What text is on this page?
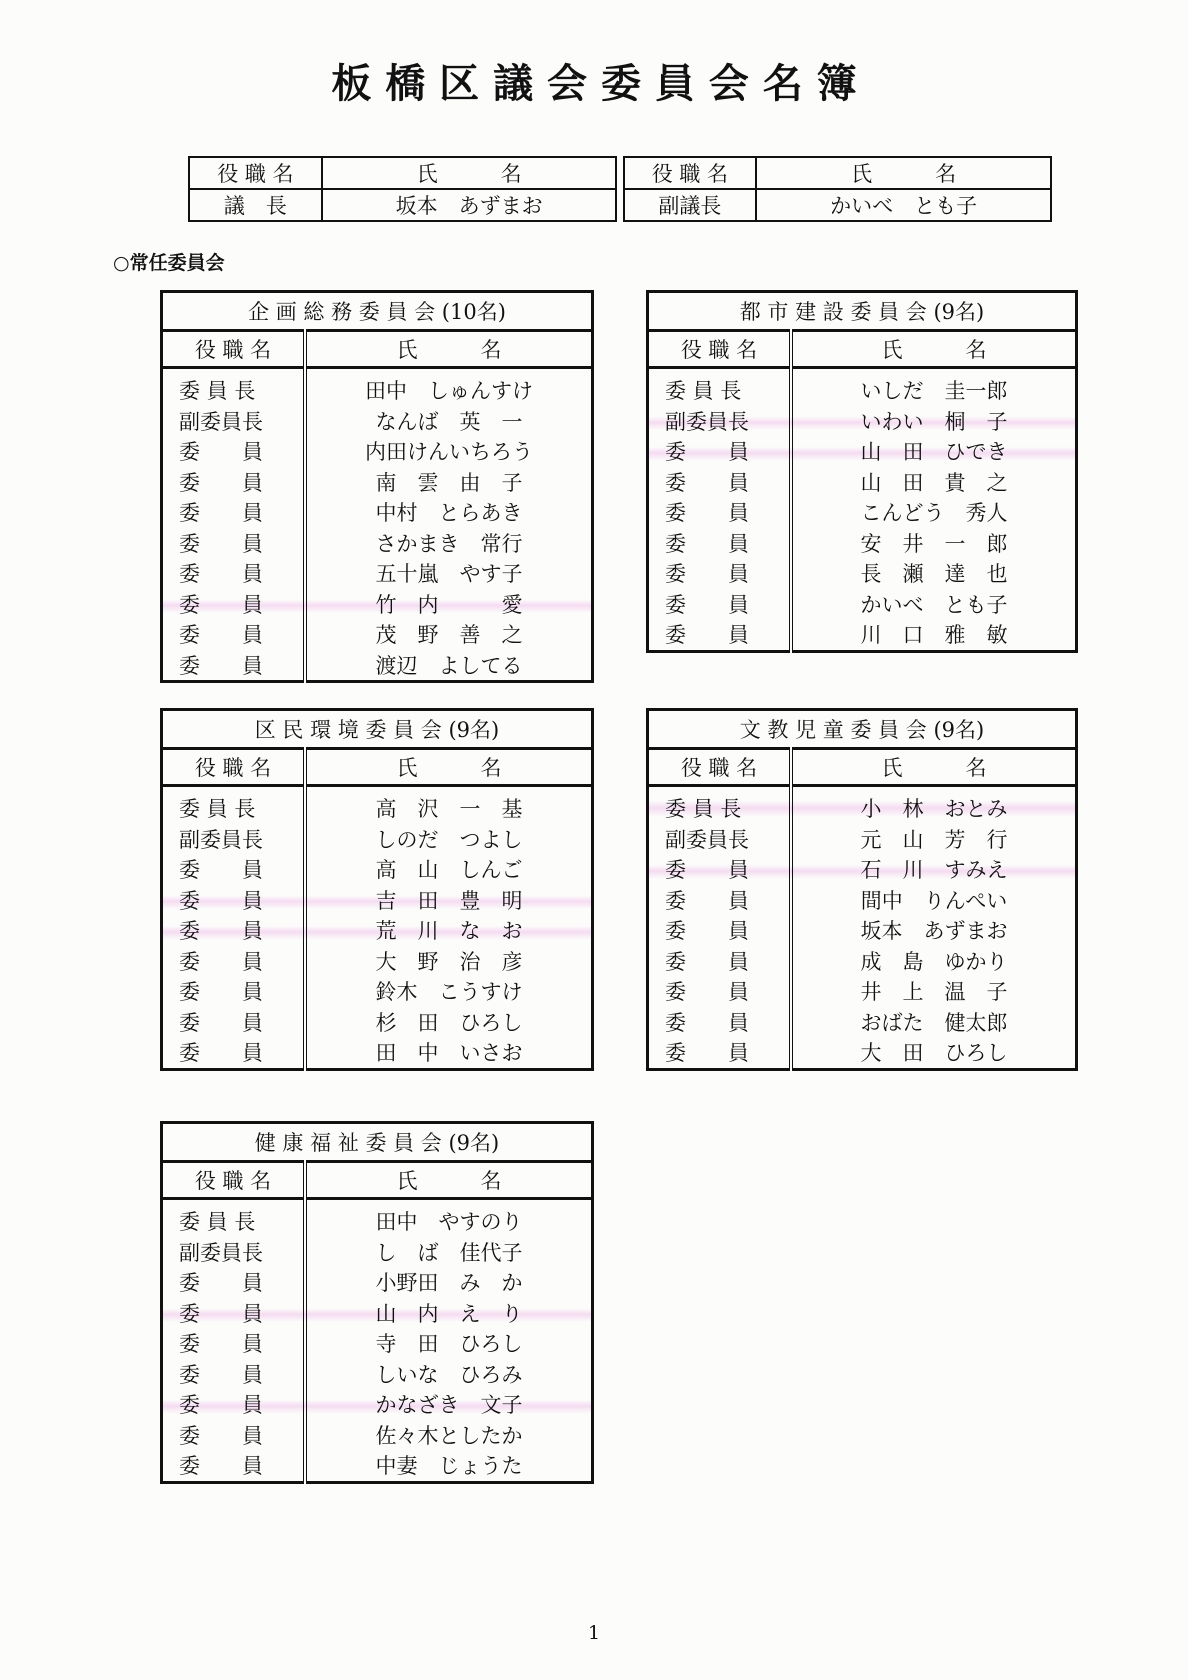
板 橋 区 議 会 委 員 会 名 簿
役 職 名	氏　　　名		役 職 名	氏　　　名
議　長	坂本　あずまお		副議長	かいべ　とも子
○常任委員会
企 画 総 務 委 員 会 (10名)	
役 職 名	氏　　　名
委 員 長	田中　しゅんすけ
副委員長	なんば　英　一
委　　員	内田けんいちろう
委　　員	南　雲　由　子
委　　員	中村　とらあき
委　　員	さかまき　常行
委　　員	五十嵐　やす子
委　　員	竹　内　　　愛
委　　員	茂　野　善　之
委　　員	渡辺　よしてる
都 市 建 設 委 員 会 (9名)	
役 職 名	氏　　　名
委 員 長	いしだ　圭一郎
副委員長	いわい　桐　子
委　　員	山　田　ひでき
委　　員	山　田　貴　之
委　　員	こんどう　秀人
委　　員	安　井　一　郎
委　　員	長　瀬　達　也
委　　員	かいべ　とも子
委　　員	川　口　雅　敏
区 民 環 境 委 員 会 (9名)	
役 職 名	氏　　　名
委 員 長	高　沢　一　基
副委員長	しのだ　つよし
委　　員	高　山　しんご
委　　員	吉　田　豊　明
委　　員	荒　川　な　お
委　　員	大　野　治　彦
委　　員	鈴木　こうすけ
委　　員	杉　田　ひろし
委　　員	田　中　いさお
文 教 児 童 委 員 会 (9名)	
役 職 名	氏　　　名
委 員 長	小　林　おとみ
副委員長	元　山　芳　行
委　　員	石　川　すみえ
委　　員	間中　りんぺい
委　　員	坂本　あずまお
委　　員	成　島　ゆかり
委　　員	井　上　温　子
委　　員	おばた　健太郎
委　　員	大　田　ひろし
健 康 福 祉 委 員 会 (9名)	
役 職 名	氏　　　名
委 員 長	田中　やすのり
副委員長	し　ば　佳代子
委　　員	小野田　み　か
委　　員	山　内　え　り
委　　員	寺　田　ひろし
委　　員	しいな　ひろみ
委　　員	かなざき　文子
委　　員	佐々木としたか
委　　員	中妻　じょうた
1
